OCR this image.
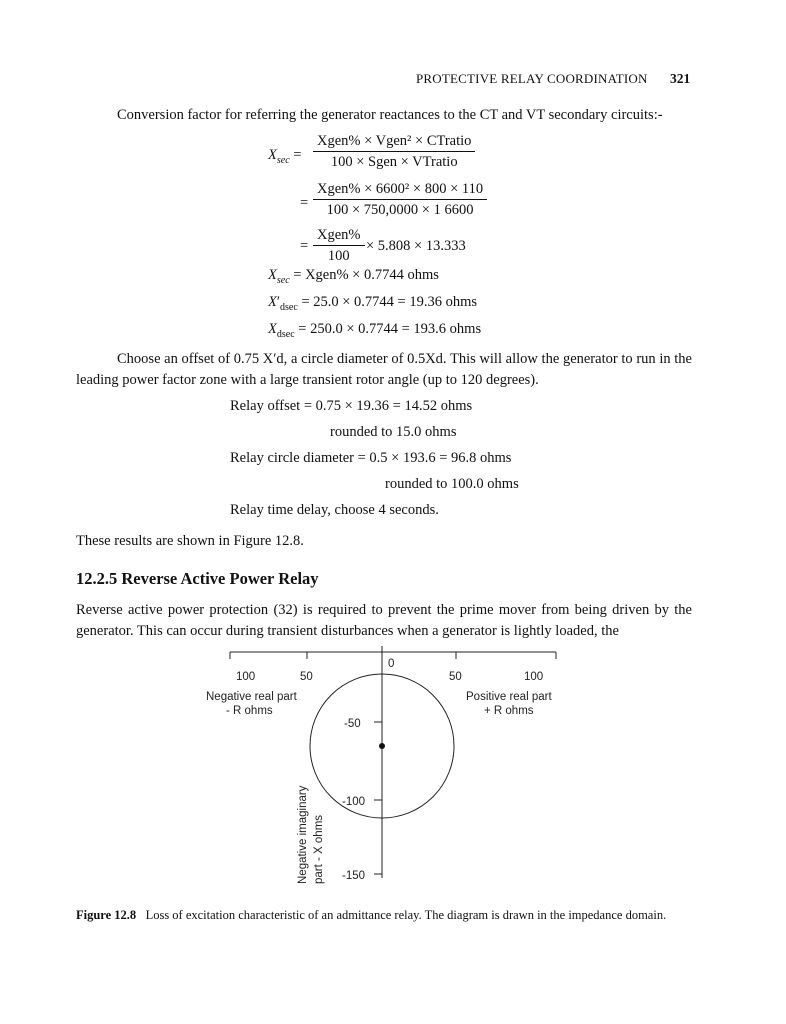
PROTECTIVE RELAY COORDINATION 321
Conversion factor for referring the generator reactances to the CT and VT secondary circuits:-
$X_{sec}$ =
Xgen% × Vgen² × CTratio
100 × Sgen × VTratio
=
Xgen% × 6600² × 800 × 110
100 × 750,0000 × 1 6600
=
Xgen%
100
× 5.808 × 13.333
$X_{sec}$ = Xgen% × 0.7744 ohms
$X'_{dsec} = 25.0 \times 0.7744 = 19.36$ ohms
$X_{dsec} = 250.0 \times 0.7744 = 193.6$ ohms
Choose an offset of 0.75 X′d, a circle diameter of 0.5Xd. This will allow the generator to run in the leading power factor zone with a large transient rotor angle (up to 120 degrees).
Relay offset = 0.75 × 19.36 = 14.52 ohms
rounded to 15.0 ohms
Relay circle diameter = 0.5 × 193.6 = 96.8 ohms
rounded to 100.0 ohms
Relay time delay, choose 4 seconds.
These results are shown in Figure 12.8.
12.2.5 Reverse Active Power Relay
Reverse active power protection (32) is required to prevent the prime mover from being driven by the generator. This can occur during transient disturbances when a generator is lightly loaded, the
100	50
0
50	100
Negative real part
- R ohms
Positive real part
+ R ohms
-50
-100
-150
Negative imaginary part - X ohms
Figure 12.8 Loss of excitation characteristic of an admittance relay. The diagram is drawn in the impedance domain.
